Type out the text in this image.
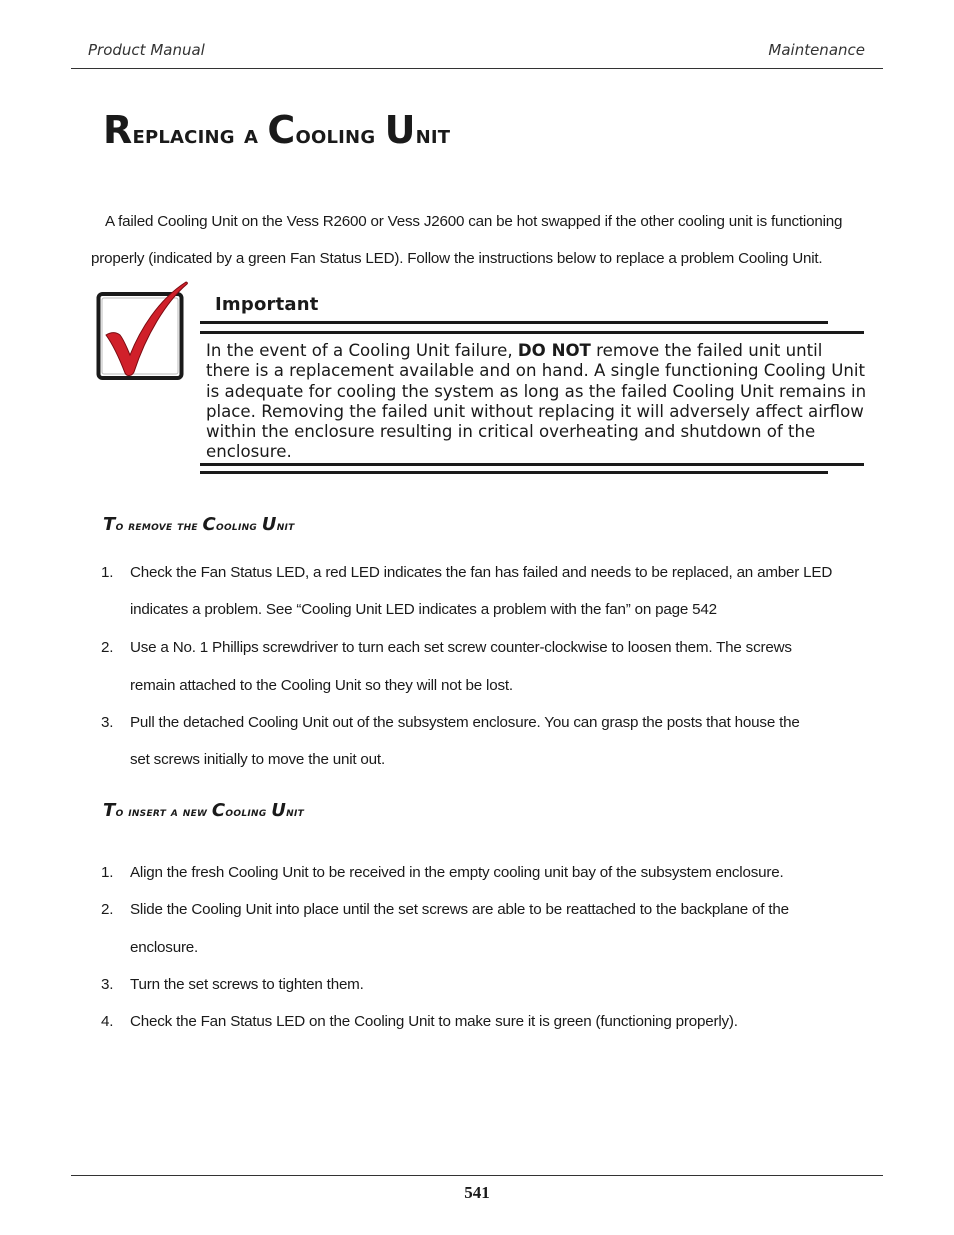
Product Manual	Maintenance
Replacing a Cooling Unit

A failed Cooling Unit on the Vess R2600 or Vess J2600 can be hot swapped if the other cooling unit is functioning
properly (indicated by a green Fan Status LED). Follow the instructions below to replace a problem Cooling Unit.

Important
In the event of a Cooling Unit failure, DO NOT remove the failed unit until
there is a replacement available and on hand. A single functioning Cooling Unit
is adequate for cooling the system as long as the failed Cooling Unit remains in
place. Removing the failed unit without replacing it will adversely affect airflow
within the enclosure resulting in critical overheating and shutdown of the
enclosure.
To remove the Cooling Unit
1.	Check the Fan Status LED, a red LED indicates the fan has failed and needs to be replaced, an amber LED
indicates a problem. See “Cooling Unit LED indicates a problem with the fan” on page 542
2.	Use a No. 1 Phillips screwdriver to turn each set screw counter-clockwise to loosen them. The screws
remain attached to the Cooling Unit so they will not be lost.
3.	Pull the detached Cooling Unit out of the subsystem enclosure. You can grasp the posts that house the
set screws initially to move the unit out.
To insert a new Cooling Unit
1.	Align the fresh Cooling Unit to be received in the empty cooling unit bay of the subsystem enclosure.
2.	Slide the Cooling Unit into place until the set screws are able to be reattached to the backplane of the
enclosure.
3.	Turn the set screws to tighten them.
4.	Check the Fan Status LED on the Cooling Unit to make sure it is green (functioning properly).
541
